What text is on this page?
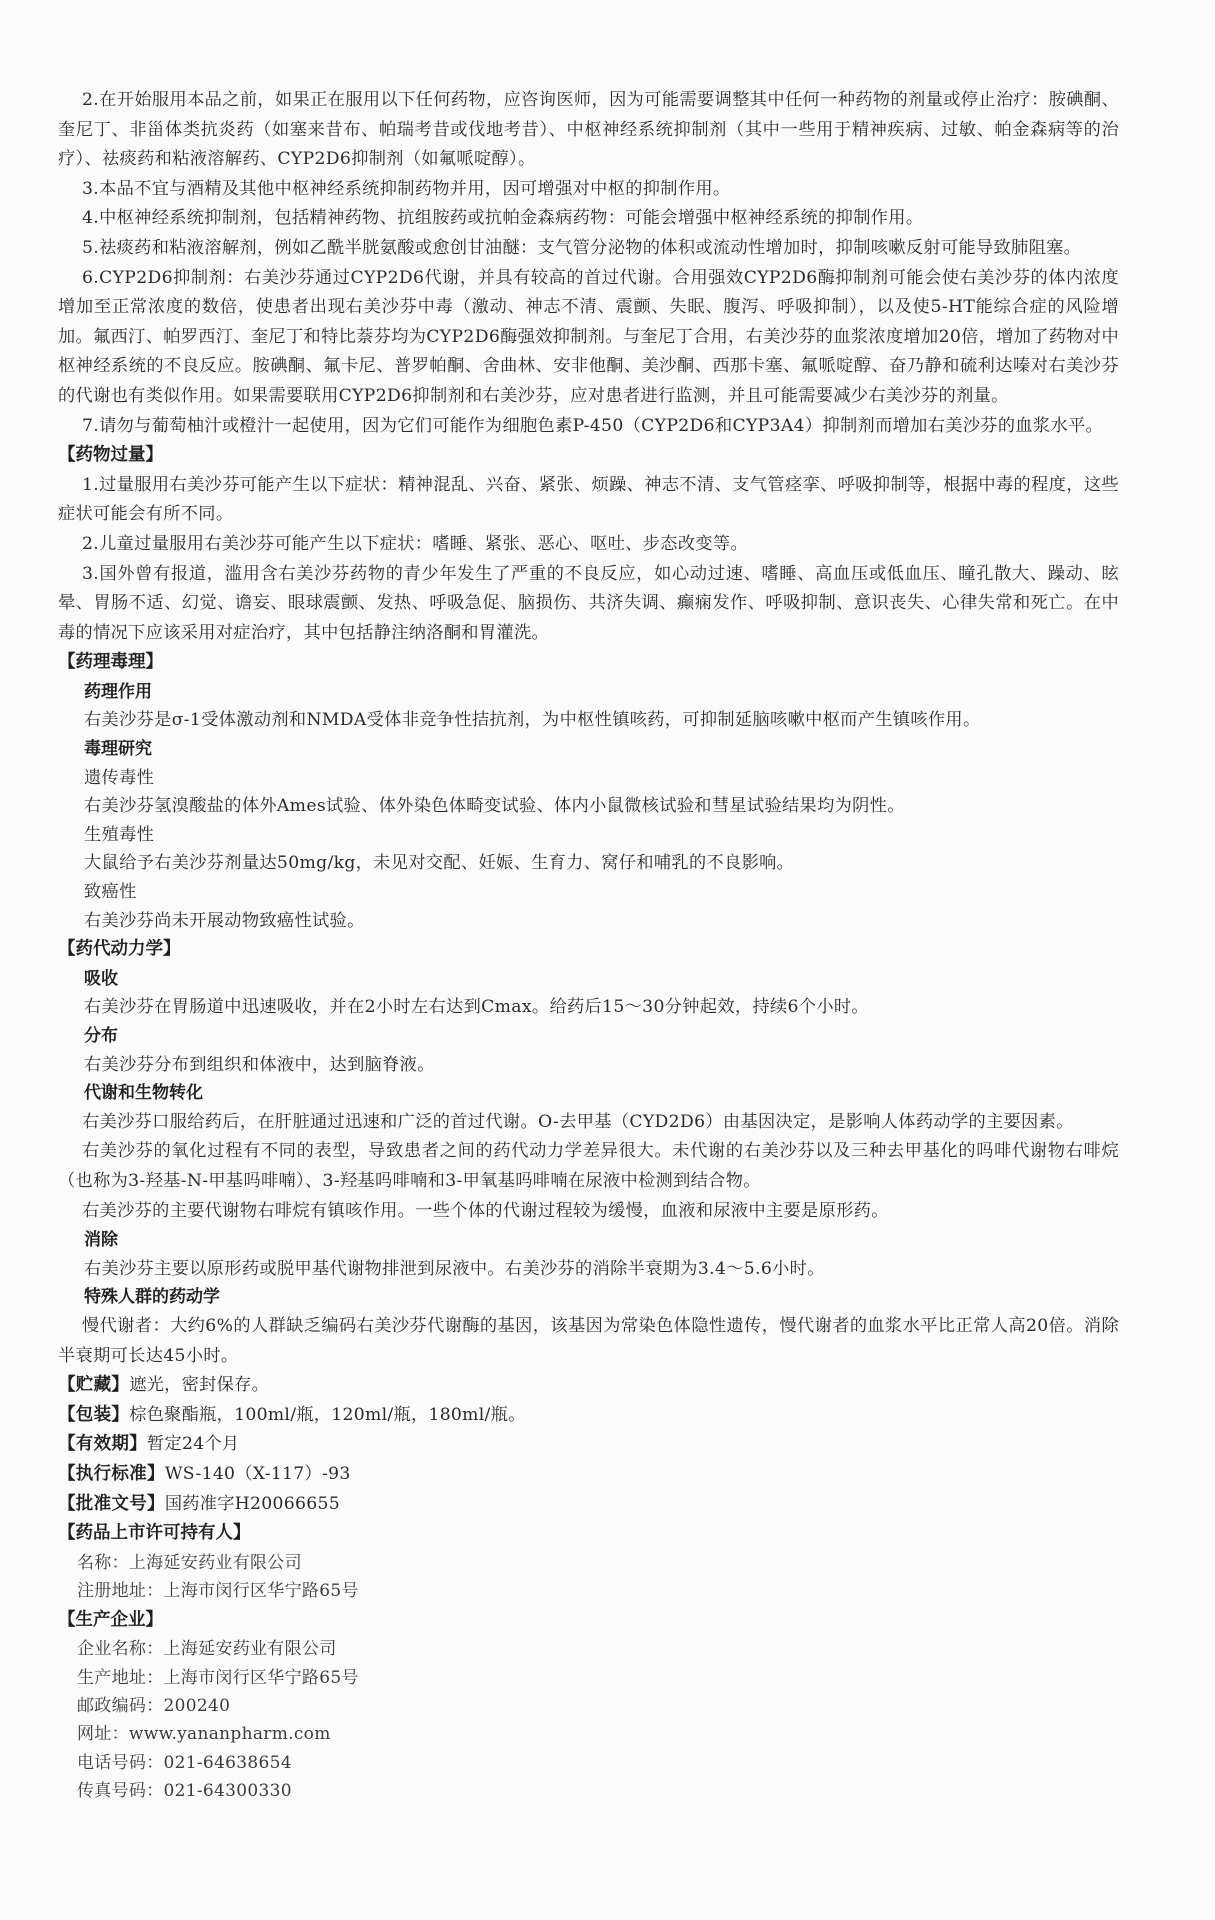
2.在开始服用本品之前，如果正在服用以下任何药物，应咨询医师，因为可能需要调整其中任何一种药物的剂量或停止治疗：胺碘酮、奎尼丁、非甾体类抗炎药（如塞来昔布、帕瑞考昔或伐地考昔）、中枢神经系统抑制剂（其中一些用于精神疾病、过敏、帕金森病等的治疗）、祛痰药和粘液溶解药、CYP2D6抑制剂（如氟哌啶醇）。

3.本品不宜与酒精及其他中枢神经系统抑制药物并用，因可增强对中枢的抑制作用。

4.中枢神经系统抑制剂，包括精神药物、抗组胺药或抗帕金森病药物：可能会增强中枢神经系统的抑制作用。

5.祛痰药和粘液溶解剂，例如乙酰半胱氨酸或愈创甘油醚：支气管分泌物的体积或流动性增加时，抑制咳嗽反射可能导致肺阻塞。

6.CYP2D6抑制剂：右美沙芬通过CYP2D6代谢，并具有较高的首过代谢。合用强效CYP2D6酶抑制剂可能会使右美沙芬的体内浓度增加至正常浓度的数倍，使患者出现右美沙芬中毒（激动、神志不清、震颤、失眠、腹泻、呼吸抑制），以及使5-HT能综合症的风险增加。氟西汀、帕罗西汀、奎尼丁和特比萘芬均为CYP2D6酶强效抑制剂。与奎尼丁合用，右美沙芬的血浆浓度增加20倍，增加了药物对中枢神经系统的不良反应。胺碘酮、氟卡尼、普罗帕酮、舍曲林、安非他酮、美沙酮、西那卡塞、氟哌啶醇、奋乃静和硫利达嗪对右美沙芬的代谢也有类似作用。如果需要联用CYP2D6抑制剂和右美沙芬，应对患者进行监测，并且可能需要减少右美沙芬的剂量。

7.请勿与葡萄柚汁或橙汁一起使用，因为它们可能作为细胞色素P-450（CYP2D6和CYP3A4）抑制剂而增加右美沙芬的血浆水平。

【药物过量】

1.过量服用右美沙芬可能产生以下症状：精神混乱、兴奋、紧张、烦躁、神志不清、支气管痉挛、呼吸抑制等，根据中毒的程度，这些症状可能会有所不同。

2.儿童过量服用右美沙芬可能产生以下症状：嗜睡、紧张、恶心、呕吐、步态改变等。

3.国外曾有报道，滥用含右美沙芬药物的青少年发生了严重的不良反应，如心动过速、嗜睡、高血压或低血压、瞳孔散大、躁动、眩晕、胃肠不适、幻觉、谵妄、眼球震颤、发热、呼吸急促、脑损伤、共济失调、癫痫发作、呼吸抑制、意识丧失、心律失常和死亡。在中毒的情况下应该采用对症治疗，其中包括静注纳洛酮和胃灌洗。

【药理毒理】

药理作用

右美沙芬是σ-1受体激动剂和NMDA受体非竞争性拮抗剂，为中枢性镇咳药，可抑制延脑咳嗽中枢而产生镇咳作用。

毒理研究

遗传毒性

右美沙芬氢溴酸盐的体外Ames试验、体外染色体畸变试验、体内小鼠微核试验和彗星试验结果均为阴性。

生殖毒性

大鼠给予右美沙芬剂量达50mg/kg，未见对交配、妊娠、生育力、窝仔和哺乳的不良影响。

致癌性

右美沙芬尚未开展动物致癌性试验。

【药代动力学】

吸收

右美沙芬在胃肠道中迅速吸收，并在2小时左右达到Cmax。给药后15～30分钟起效，持续6个小时。

分布

右美沙芬分布到组织和体液中，达到脑脊液。

代谢和生物转化

右美沙芬口服给药后，在肝脏通过迅速和广泛的首过代谢。O-去甲基（CYD2D6）由基因决定，是影响人体药动学的主要因素。

右美沙芬的氧化过程有不同的表型，导致患者之间的药代动力学差异很大。未代谢的右美沙芬以及三种去甲基化的吗啡代谢物右啡烷（也称为3-羟基-N-甲基吗啡喃）、3-羟基吗啡喃和3-甲氧基吗啡喃在尿液中检测到结合物。

右美沙芬的主要代谢物右啡烷有镇咳作用。一些个体的代谢过程较为缓慢，血液和尿液中主要是原形药。

消除

右美沙芬主要以原形药或脱甲基代谢物排泄到尿液中。右美沙芬的消除半衰期为3.4～5.6小时。

特殊人群的药动学

慢代谢者：大约6%的人群缺乏编码右美沙芬代谢酶的基因，该基因为常染色体隐性遗传，慢代谢者的血浆水平比正常人高20倍。消除半衰期可长达45小时。

【贮藏】遮光，密封保存。

【包装】棕色聚酯瓶，100ml/瓶，120ml/瓶，180ml/瓶。

【有效期】暂定24个月

【执行标准】WS-140（X-117）-93

【批准文号】国药准字H20066655

【药品上市许可持有人】

名称：上海延安药业有限公司

注册地址：上海市闵行区华宁路65号

【生产企业】

企业名称：上海延安药业有限公司

生产地址：上海市闵行区华宁路65号

邮政编码：200240

网址：www.yananpharm.com

电话号码：021-64638654

传真号码：021-64300330
